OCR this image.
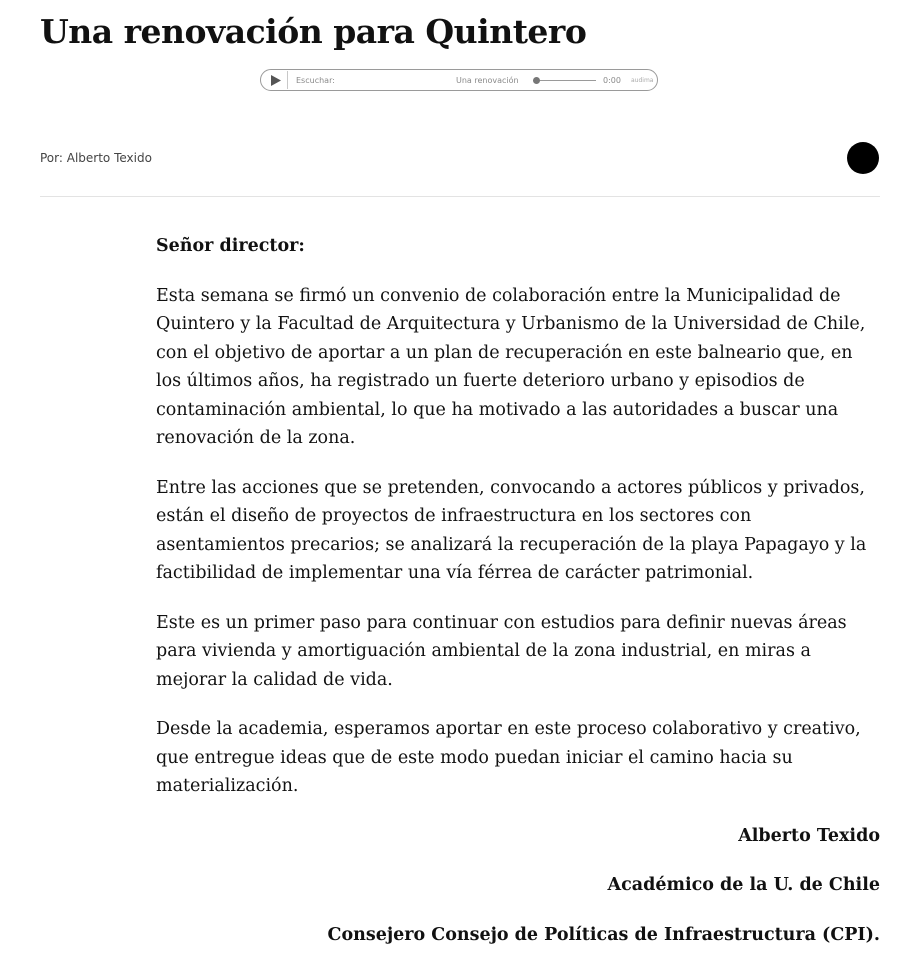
Una renovación para Quintero
Escuchar:	Una renovación	0:00 audima
Por: Alberto Texido

Señor director:

Esta semana se firmó un convenio de colaboración entre la Municipalidad de Quintero y la Facultad de Arquitectura y Urbanismo de la Universidad de Chile, con el objetivo de aportar a un plan de recuperación en este balneario que, en los últimos años, ha registrado un fuerte deterioro urbano y episodios de contaminación ambiental, lo que ha motivado a las autoridades a buscar una renovación de la zona.

Entre las acciones que se pretenden, convocando a actores públicos y privados, están el diseño de proyectos de infraestructura en los sectores con asentamientos precarios; se analizará la recuperación de la playa Papagayo y la factibilidad de implementar una vía férrea de carácter patrimonial.

Este es un primer paso para continuar con estudios para definir nuevas áreas para vivienda y amortiguación ambiental de la zona industrial, en miras a mejorar la calidad de vida.

Desde la academia, esperamos aportar en este proceso colaborativo y creativo, que entregue ideas que de este modo puedan iniciar el camino hacia su materialización.

Alberto Texido

Académico de la U. de Chile

Consejero Consejo de Políticas de Infraestructura (CPI).
